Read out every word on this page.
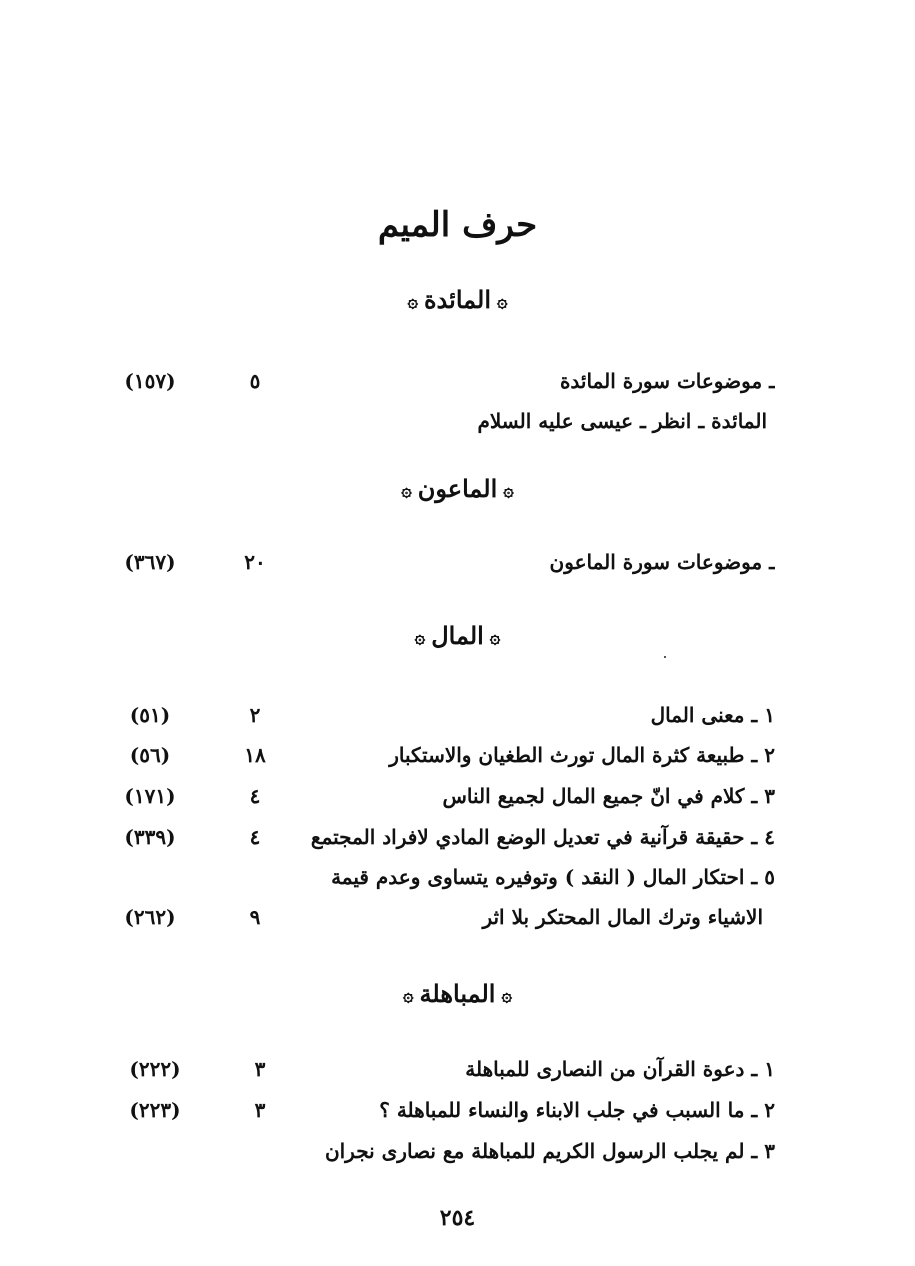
حرف الميم
۞المائدة۞
ـ موضوعات سورة المائدة
٥
(١٥٧)
المائدة ـ انظر ـ عيسى عليه السلام
۞الماعون۞
ـ موضوعات سورة الماعون
٢٠
(٣٦٧)
۞المال۞
١ ـ معنى المال
٢
(٥١)
٢ ـ طبيعة كثرة المال تورث الطغيان والاستكبار
١٨
(٥٦)
٣ ـ كلام في انّ جميع المال لجميع الناس
٤
(١٧١)
٤ ـ حقيقة قرآنية في تعديل الوضع المادي لافراد المجتمع
٤
(٣٣٩)
٥ ـ احتكار المال ( النقد ) وتوفيره يتساوى وعدم قيمة
الاشياء وترك المال المحتكر بلا اثر
٩
(٢٦٢)
۞المباهلة۞
١ ـ دعوة القرآن من النصارى للمباهلة
٣
(٢٢٢)
٢ ـ ما السبب في جلب الابناء والنساء للمباهلة ؟
٣
(٢٢٣)
٣ ـ لم يجلب الرسول الكريم للمباهلة مع نصارى نجران
٢٥٤
